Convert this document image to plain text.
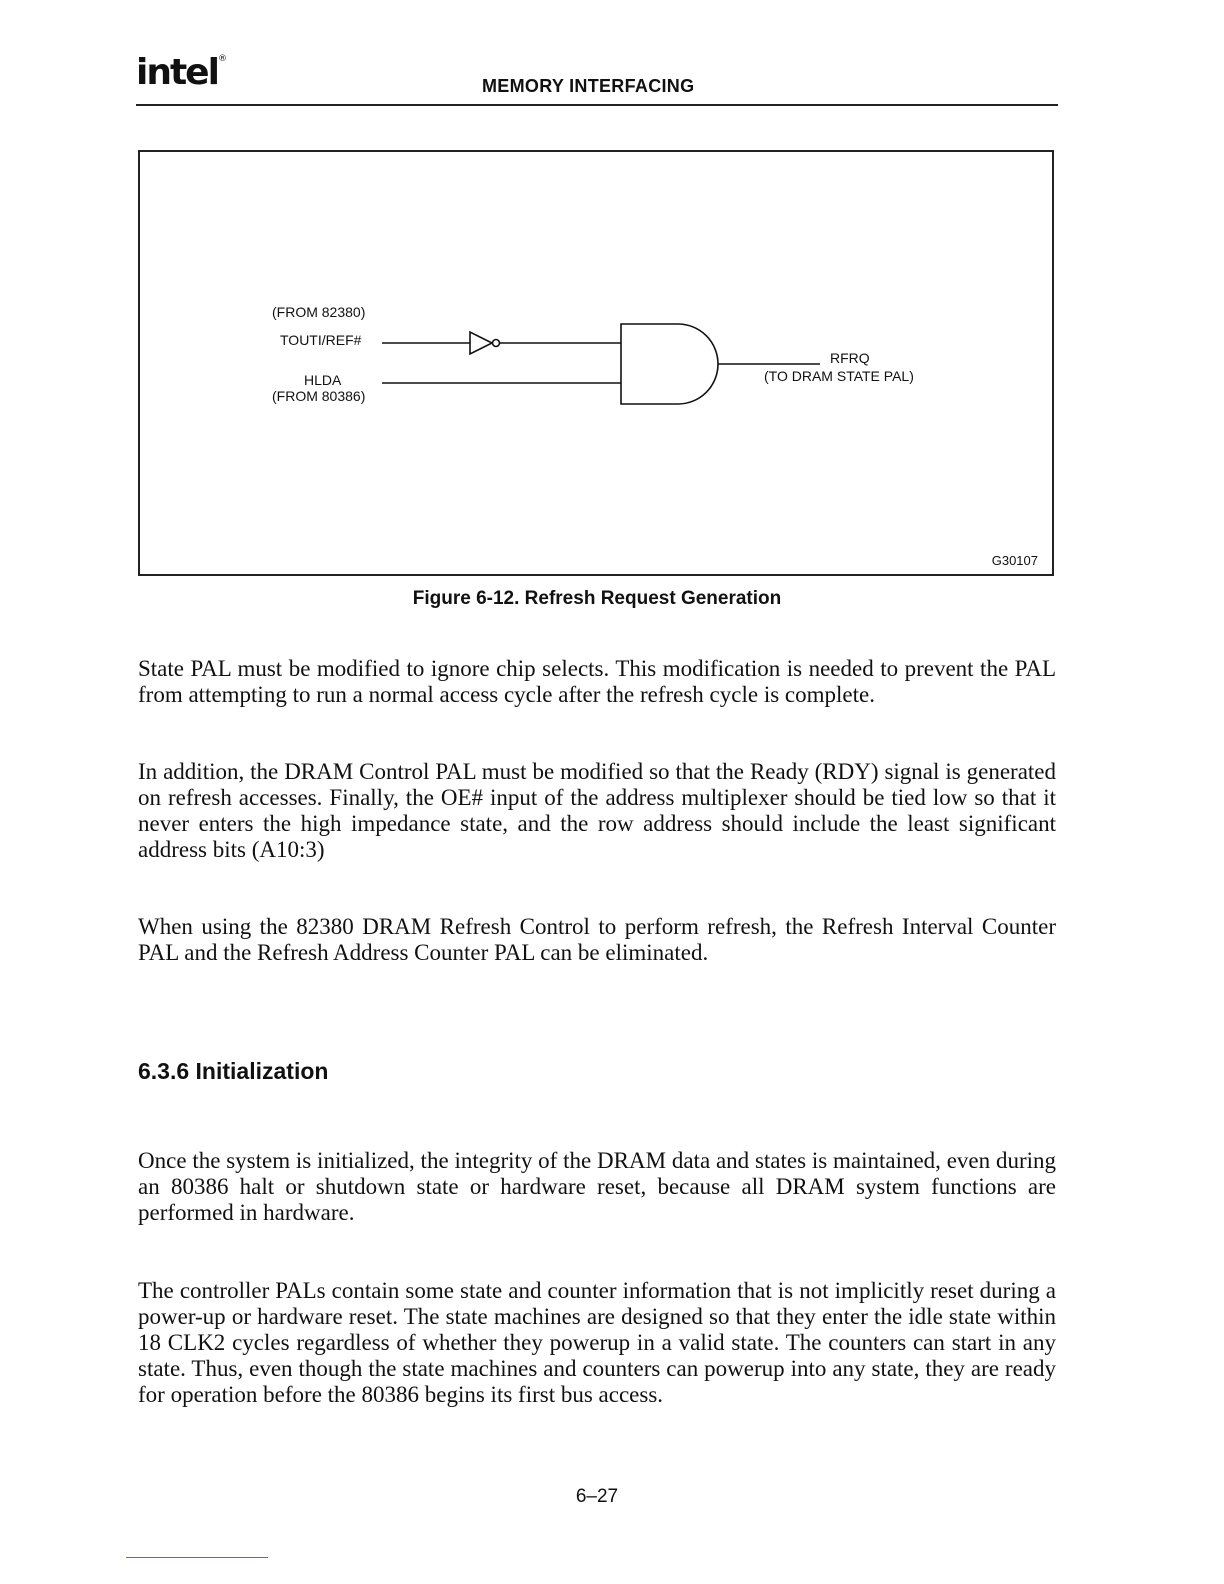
intel®
MEMORY INTERFACING
(FROM 82380)
TOUTI/REF#
HLDA
(FROM 80386)
RFRQ
(TO DRAM STATE PAL)
G30107
Figure 6-12. Refresh Request Generation
State PAL must be modified to ignore chip selects. This modification is needed to prevent the PAL from attempting to run a normal access cycle after the refresh cycle is complete.
In addition, the DRAM Control PAL must be modified so that the Ready (RDY) signal is generated on refresh accesses. Finally, the OE# input of the address multiplexer should be tied low so that it never enters the high impedance state, and the row address should include the least significant address bits (A10:3)
When using the 82380 DRAM Refresh Control to perform refresh, the Refresh Interval Counter PAL and the Refresh Address Counter PAL can be eliminated.
6.3.6 Initialization
Once the system is initialized, the integrity of the DRAM data and states is maintained, even during an 80386 halt or shutdown state or hardware reset, because all DRAM system functions are performed in hardware.
The controller PALs contain some state and counter information that is not implicitly reset during a power-up or hardware reset. The state machines are designed so that they enter the idle state within 18 CLK2 cycles regardless of whether they powerup in a valid state. The counters can start in any state. Thus, even though the state machines and counters can powerup into any state, they are ready for operation before the 80386 begins its first bus access.
6–27
